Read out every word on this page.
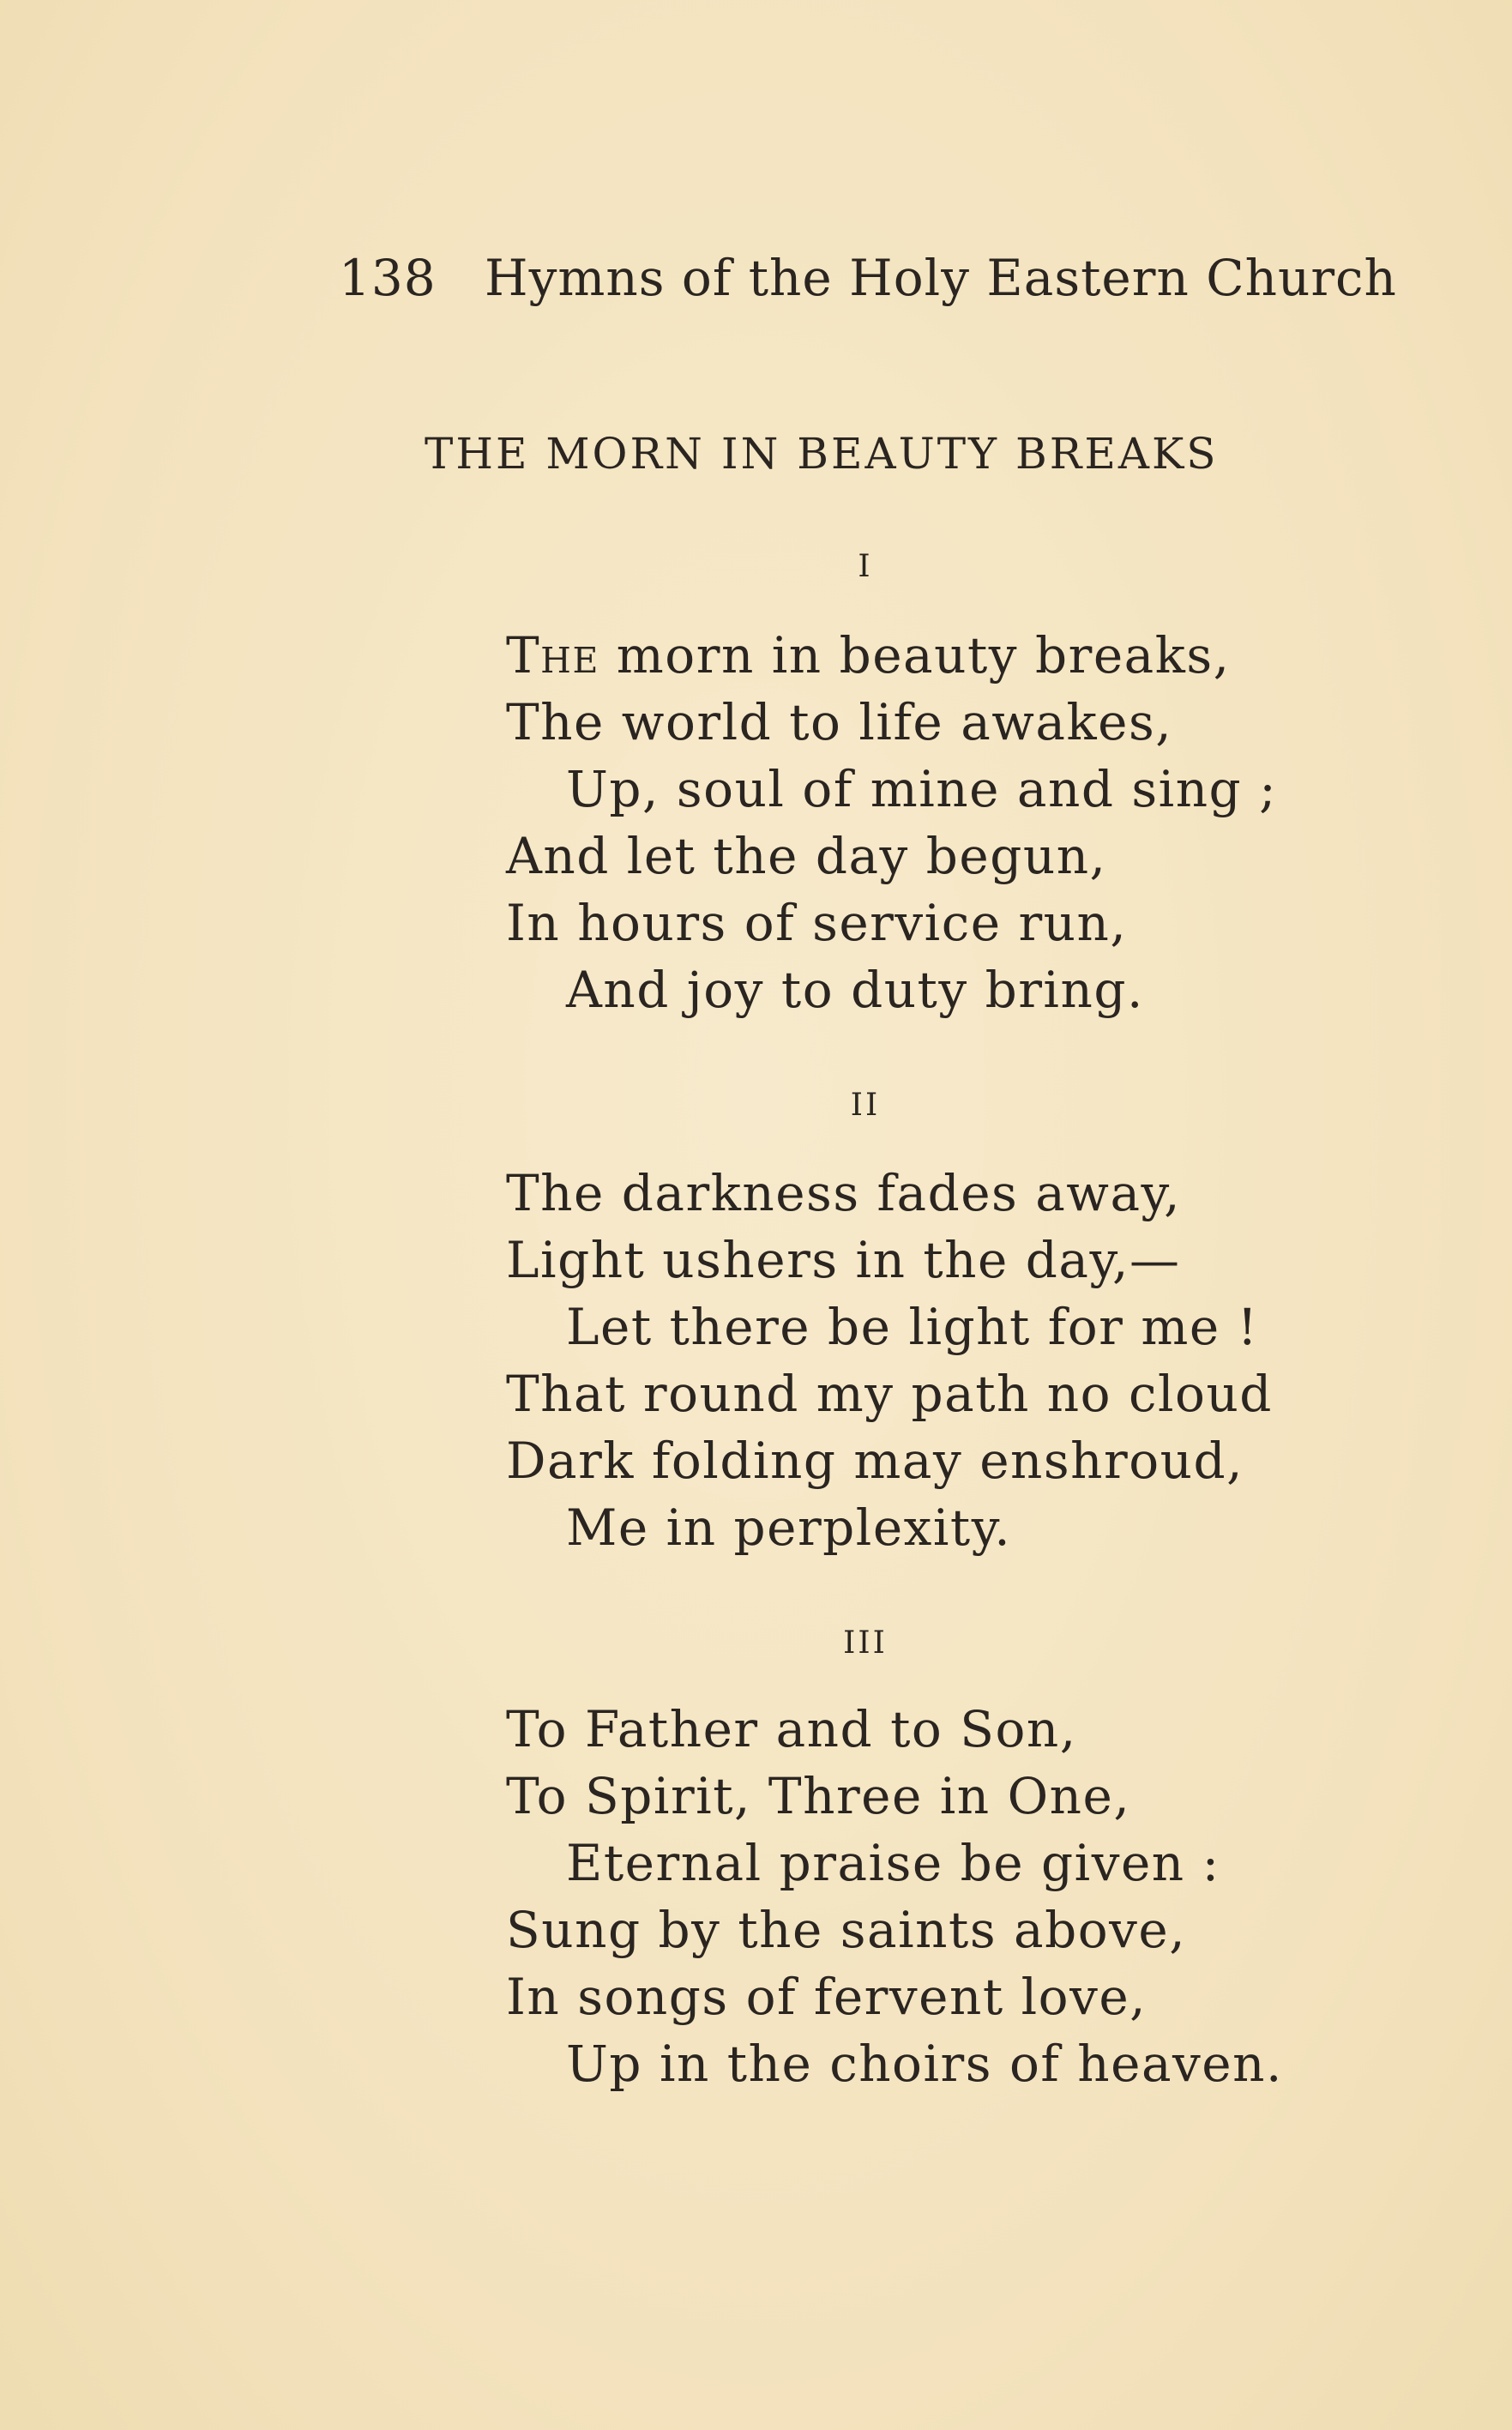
138 Hymns of the Holy Eastern Church
THE MORN IN BEAUTY BREAKS
I
The morn in beauty breaks,
The world to life awakes,
Up, soul of mine and sing ;
And let the day begun,
In hours of service run,
And joy to duty bring.
II
The darkness fades away,
Light ushers in the day,—
Let there be light for me !
That round my path no cloud
Dark folding may enshroud,
Me in perplexity.
III
To Father and to Son,
To Spirit, Three in One,
Eternal praise be given :
Sung by the saints above,
In songs of fervent love,
Up in the choirs of heaven.
